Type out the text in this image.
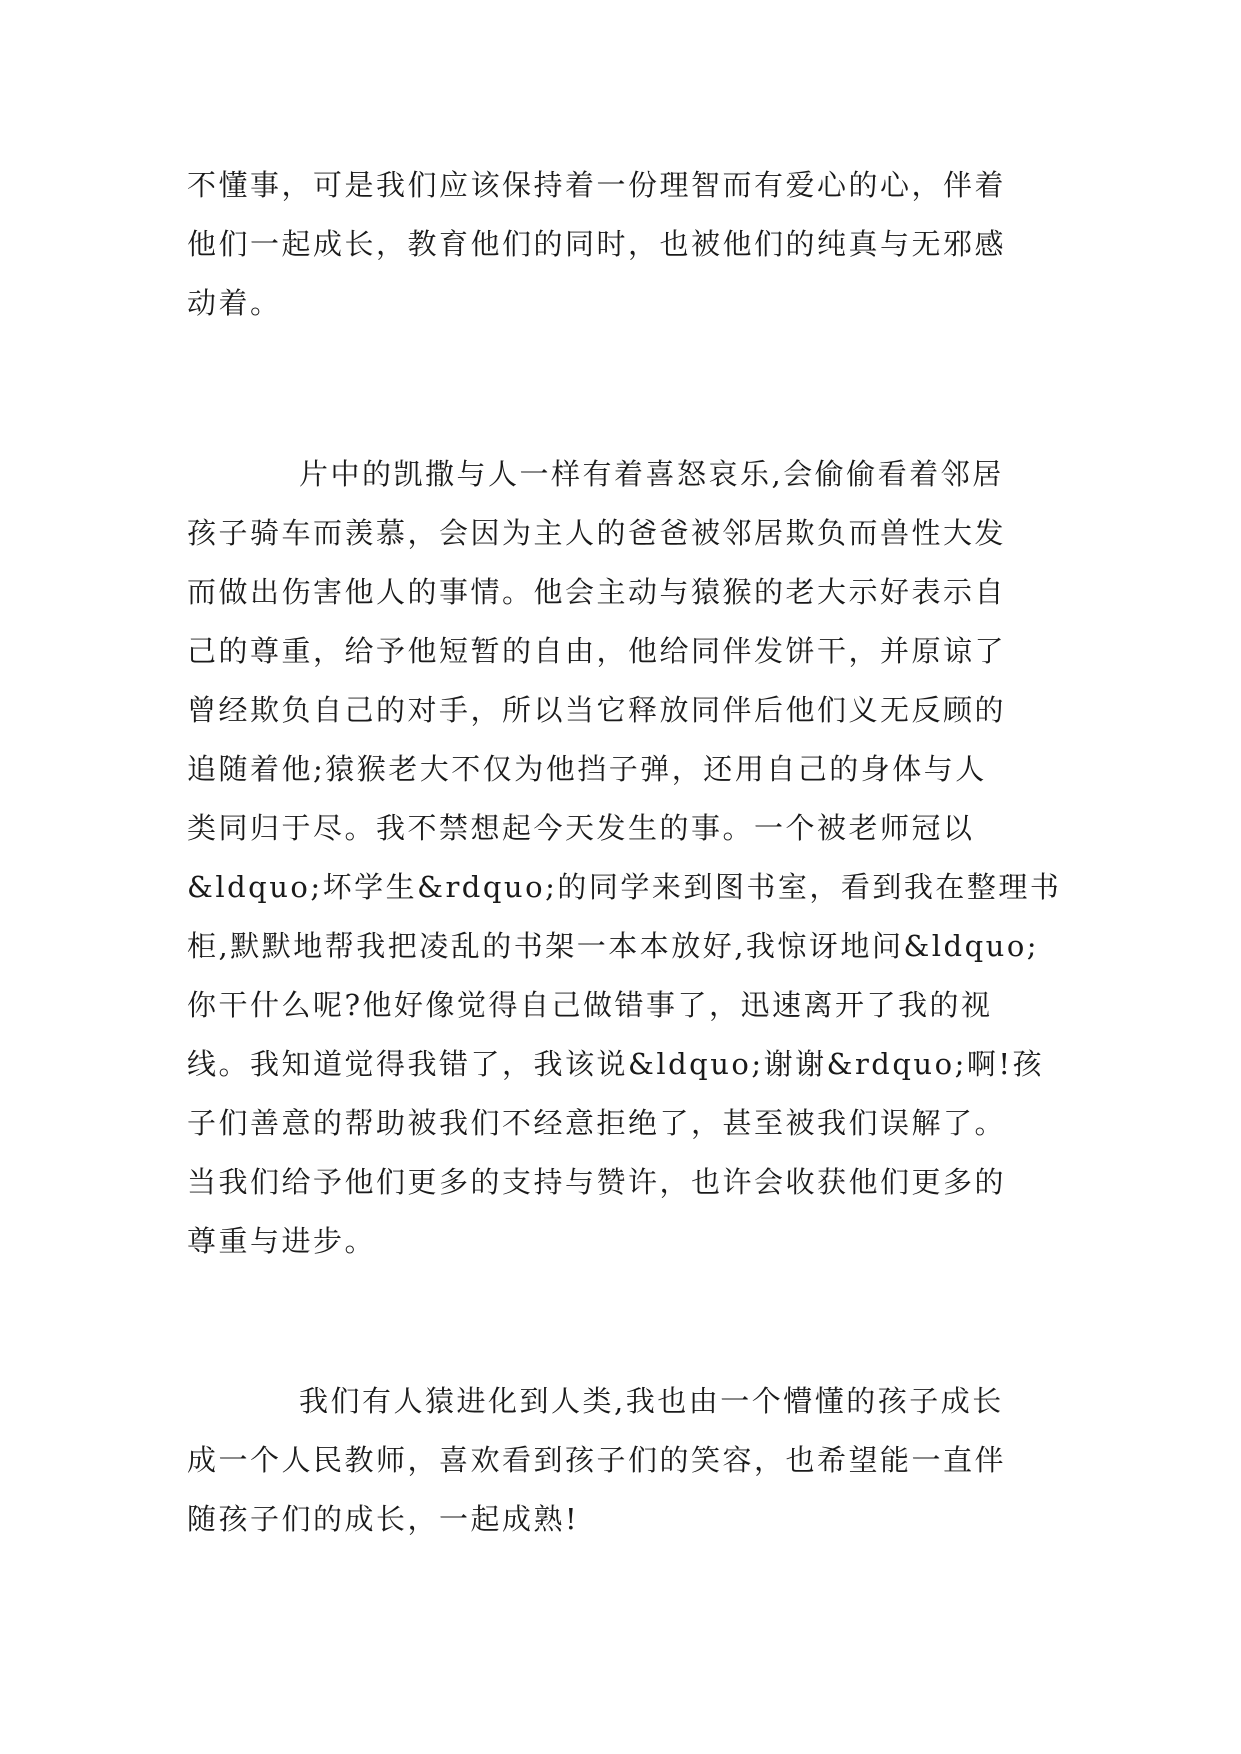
不懂事，可是我们应该保持着一份理智而有爱心的心，伴着
他们一起成长，教育他们的同时，也被他们的纯真与无邪感
动着。
片中的凯撒与人一样有着喜怒哀乐,会偷偷看着邻居
孩子骑车而羡慕，会因为主人的爸爸被邻居欺负而兽性大发
而做出伤害他人的事情。他会主动与猿猴的老大示好表示自
己的尊重，给予他短暂的自由，他给同伴发饼干，并原谅了
曾经欺负自己的对手，所以当它释放同伴后他们义无反顾的
追随着他;猿猴老大不仅为他挡子弹，还用自己的身体与人
类同归于尽。我不禁想起今天发生的事。一个被老师冠以
&ldquo;坏学生&rdquo;的同学来到图书室，看到我在整理书
柜,默默地帮我把凌乱的书架一本本放好,我惊讶地问&ldquo;
你干什么呢?他好像觉得自己做错事了，迅速离开了我的视
线。我知道觉得我错了，我该说&ldquo;谢谢&rdquo;啊!孩
子们善意的帮助被我们不经意拒绝了，甚至被我们误解了。
当我们给予他们更多的支持与赞许，也许会收获他们更多的
尊重与进步。
我们有人猿进化到人类,我也由一个懵懂的孩子成长
成一个人民教师，喜欢看到孩子们的笑容，也希望能一直伴
随孩子们的成长，一起成熟!
